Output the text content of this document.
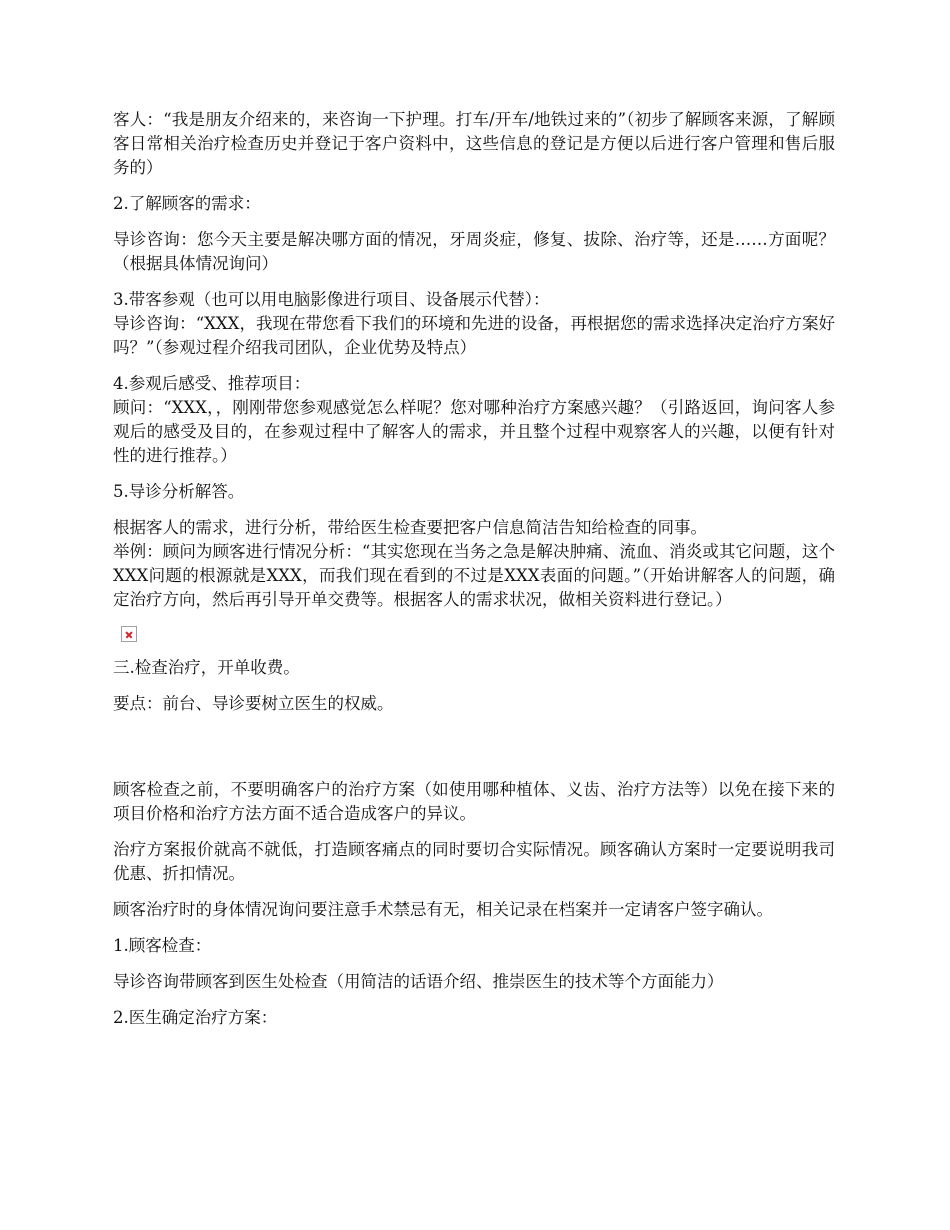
客人：“我是朋友介绍来的，来咨询一下护理。打车/开车/地铁过来的”（初步了解顾客来源，了解顾客日常相关治疗检查历史并登记于客户资料中，这些信息的登记是方便以后进行客户管理和售后服务的）

2.了解顾客的需求：

导诊咨询：您今天主要是解决哪方面的情况，牙周炎症，修复、拔除、治疗等，还是……方面呢？（根据具体情况询问）

3.带客参观（也可以用电脑影像进行项目、设备展示代替）：

导诊咨询：“XXX，我现在带您看下我们的环境和先进的设备，再根据您的需求选择决定治疗方案好吗？”（参观过程介绍我司团队，企业优势及特点）

4.参观后感受、推荐项目：

顾问：“XXX，，刚刚带您参观感觉怎么样呢？您对哪种治疗方案感兴趣？（引路返回，询问客人参观后的感受及目的，在参观过程中了解客人的需求，并且整个过程中观察客人的兴趣，以便有针对性的进行推荐。）

5.导诊分析解答。

根据客人的需求，进行分析，带给医生检查要把客户信息简洁告知给检查的同事。

举例：顾问为顾客进行情况分析：“其实您现在当务之急是解决肿痛、流血、消炎或其它问题，这个XXX问题的根源就是XXX，而我们现在看到的不过是XXX表面的问题。”（开始讲解客人的问题，确定治疗方向，然后再引导开单交费等。根据客人的需求状况，做相关资料进行登记。）

三.检查治疗，开单收费。

要点：前台、导诊要树立医生的权威。

顾客检查之前，不要明确客户的治疗方案（如使用哪种植体、义齿、治疗方法等）以免在接下来的项目价格和治疗方法方面不适合造成客户的异议。

治疗方案报价就高不就低，打造顾客痛点的同时要切合实际情况。顾客确认方案时一定要说明我司优惠、折扣情况。

顾客治疗时的身体情况询问要注意手术禁忌有无，相关记录在档案并一定请客户签字确认。

1.顾客检查：

导诊咨询带顾客到医生处检查（用简洁的话语介绍、推崇医生的技术等个方面能力）

2.医生确定治疗方案：
